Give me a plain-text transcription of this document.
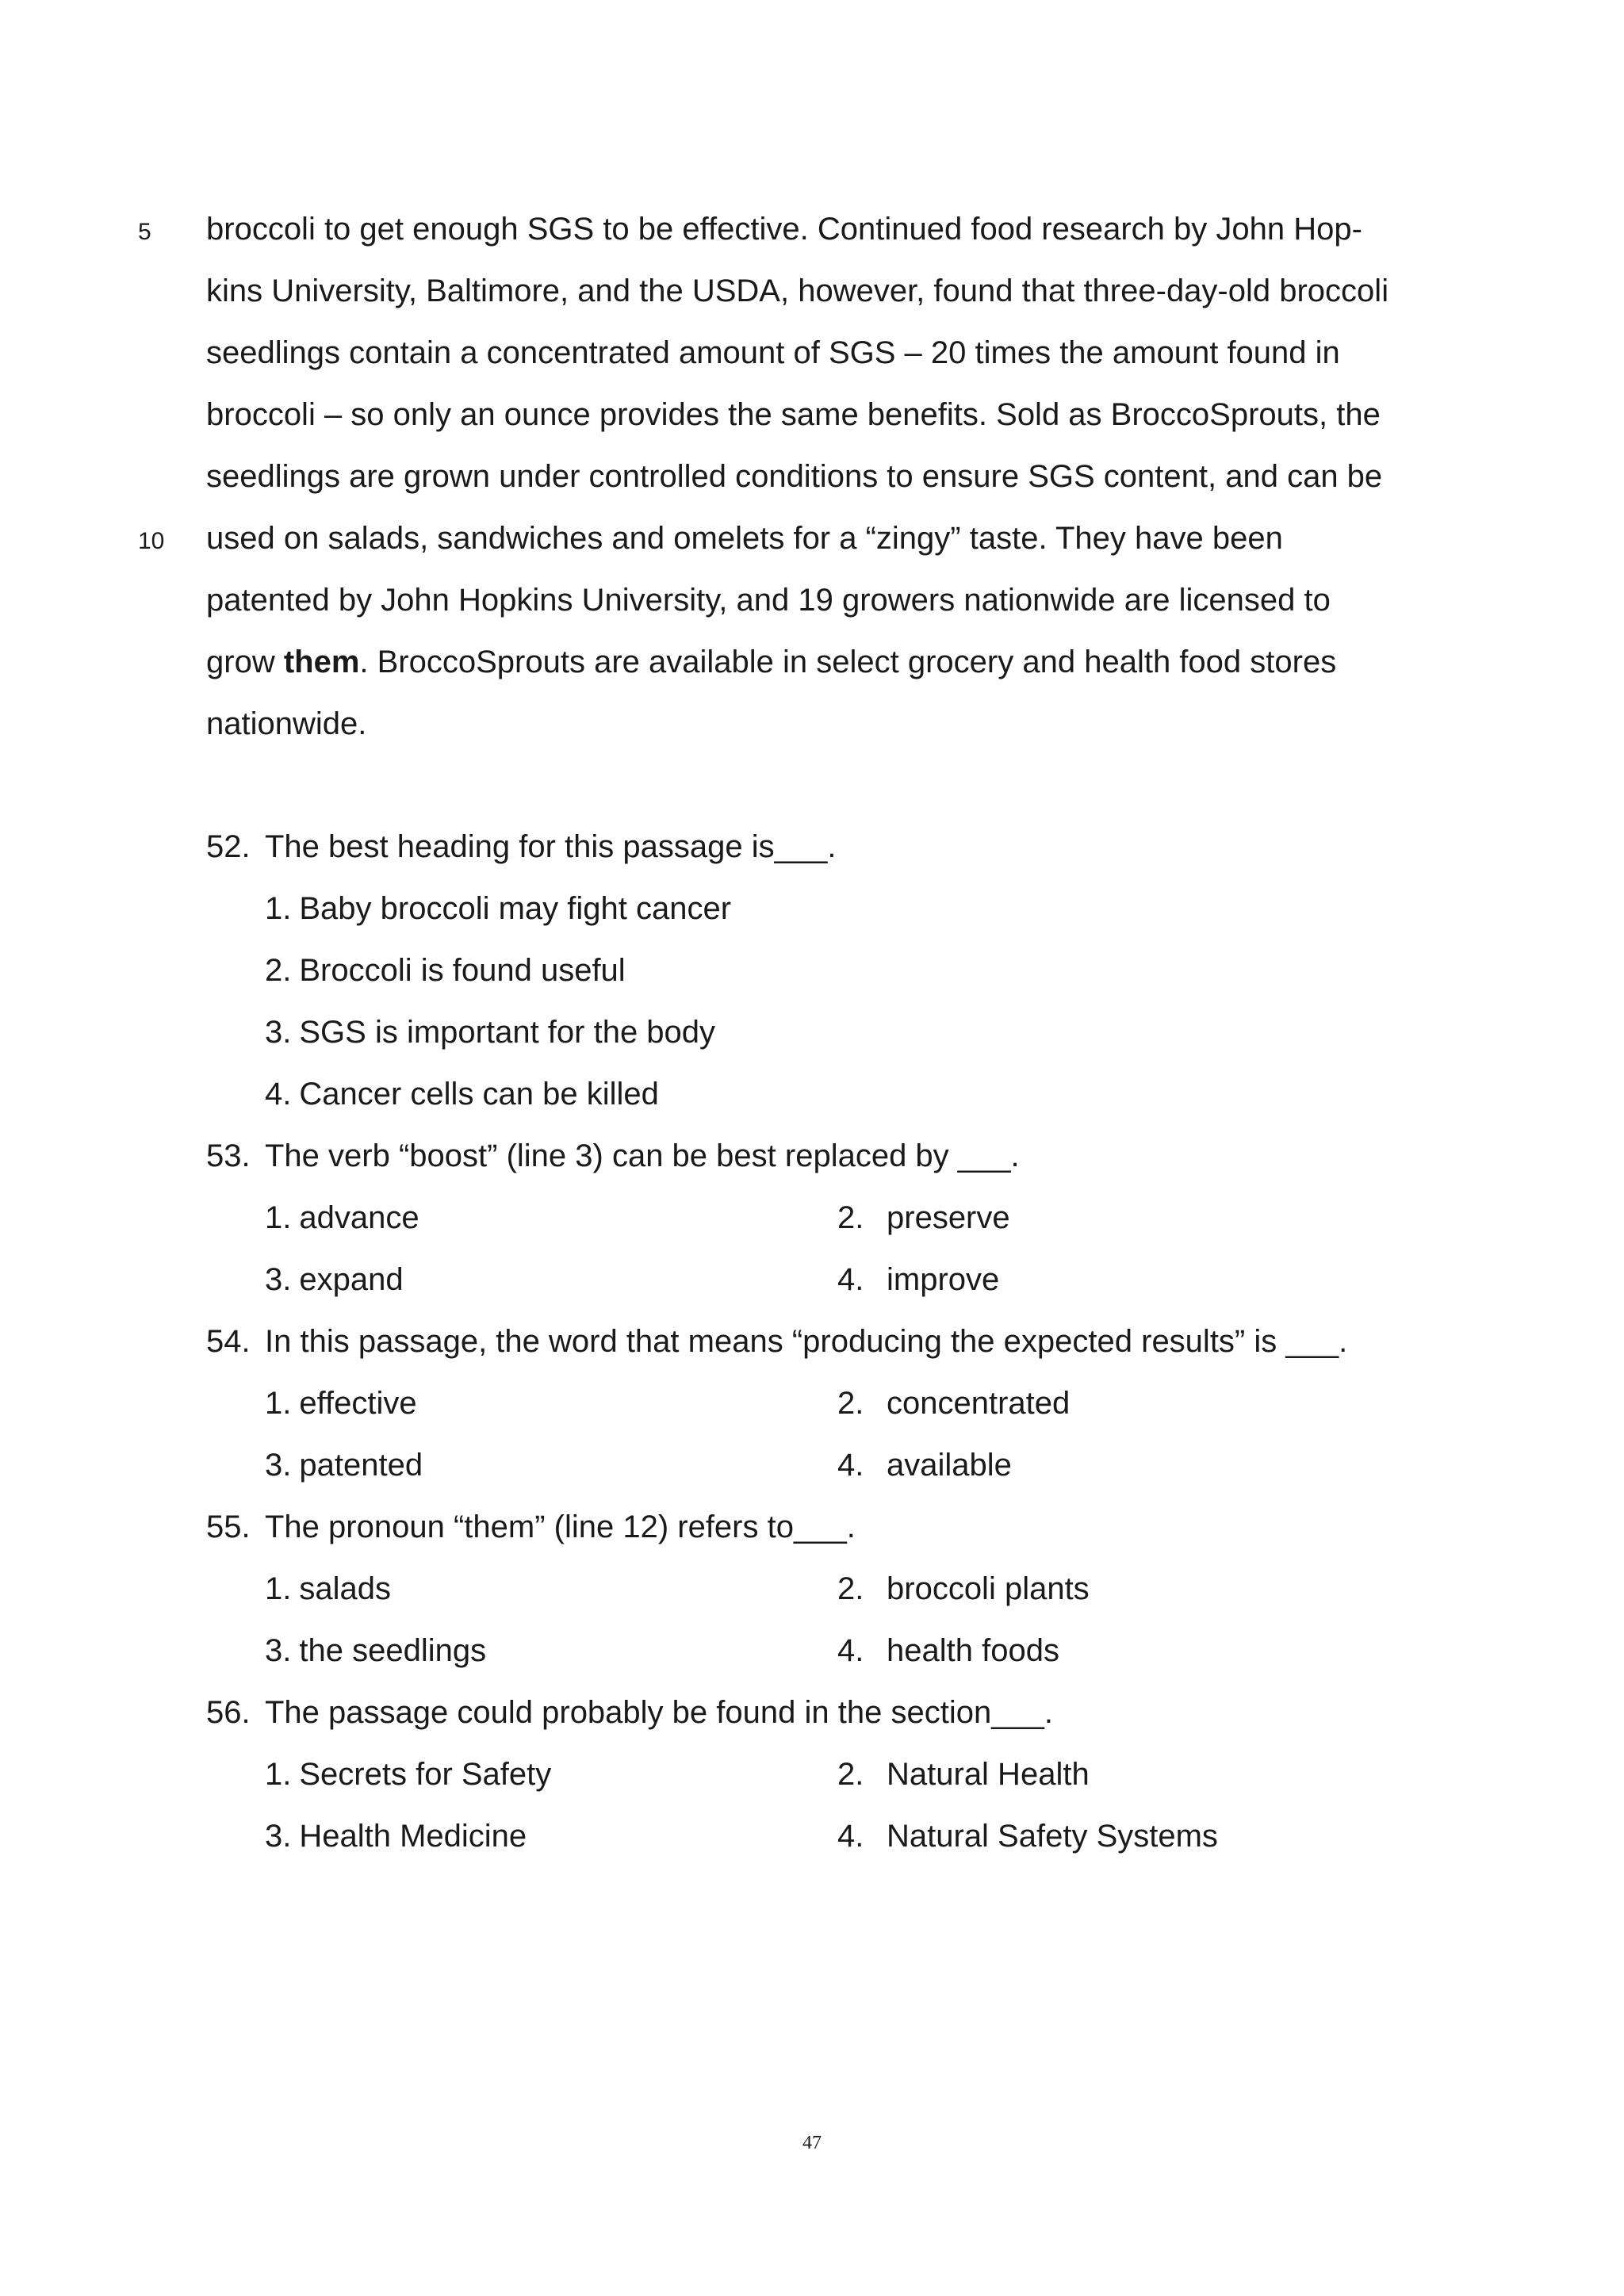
5 broccoli to get enough SGS to be effective. Continued food research by John Hop-
kins University, Baltimore, and the USDA, however, found that three-day-old broccoli
seedlings contain a concentrated amount of SGS – 20 times the amount found in
broccoli – so only an ounce provides the same benefits. Sold as BroccoSprouts, the
seedlings are grown under controlled conditions to ensure SGS content, and can be
10 used on salads, sandwiches and omelets for a “zingy” taste. They have been
patented by John Hopkins University, and 19 growers nationwide are licensed to
grow them. BroccoSprouts are available in select grocery and health food stores
nationwide.
52. The best heading for this passage is___.
1. Baby broccoli may fight cancer
2. Broccoli is found useful
3. SGS is important for the body
4. Cancer cells can be killed
53. The verb “boost” (line 3) can be best replaced by ___.
1. advance	2. preserve
3. expand	4. improve
54. In this passage, the word that means “producing the expected results” is ___.
1. effective	2. concentrated
3. patented	4. available
55. The pronoun “them” (line 12) refers to___.
1. salads	2. broccoli plants
3. the seedlings	4. health foods
56. The passage could probably be found in the section___.
1. Secrets for Safety	2. Natural Health
3. Health Medicine	4. Natural Safety Systems
47
